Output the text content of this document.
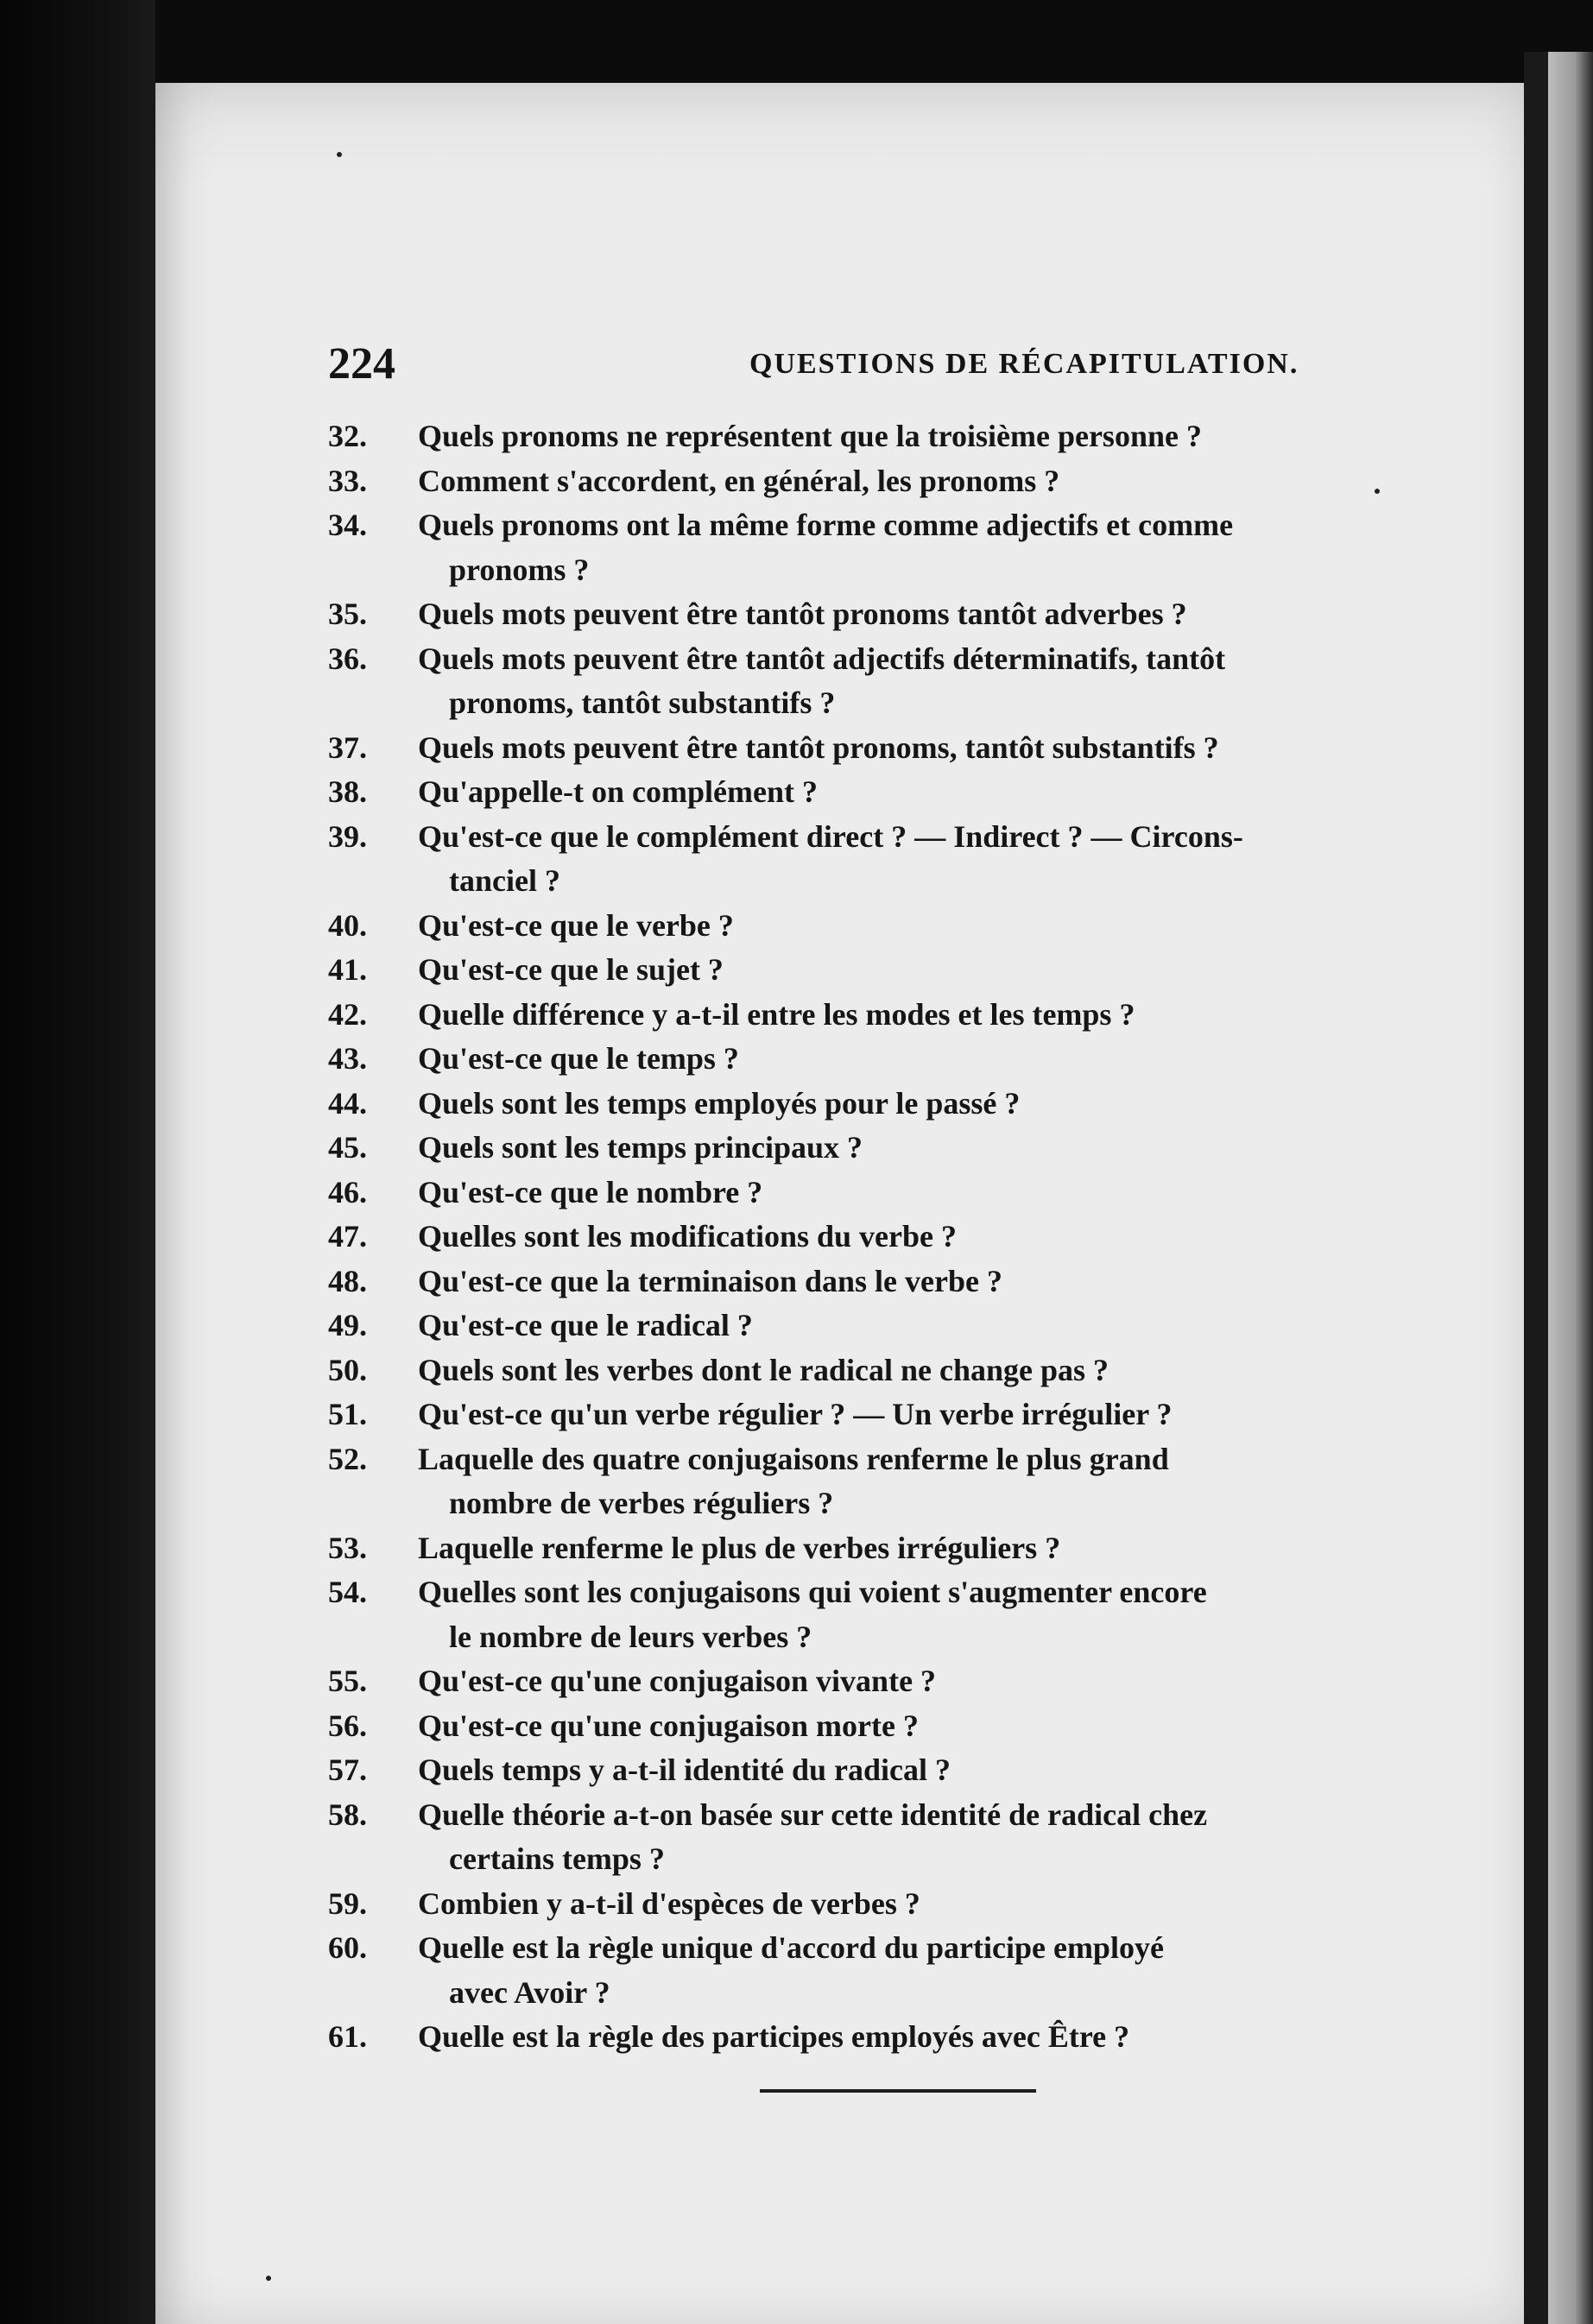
224	QUESTIONS DE RÉCAPITULATION.
32.	Quels pronoms ne représentent que la troisième personne ?
33.	Comment s'accordent, en général, les pronoms ?
34.	Quels pronoms ont la même forme comme adjectifs et comme
pronoms ?
35.	Quels mots peuvent être tantôt pronoms tantôt adverbes ?
36.	Quels mots peuvent être tantôt adjectifs déterminatifs, tantôt
pronoms, tantôt substantifs ?
37.	Quels mots peuvent être tantôt pronoms, tantôt substantifs ?
38.	Qu'appelle-t on complément ?
39.	Qu'est-ce que le complément direct ? — Indirect ? — Circons-
tanciel ?
40.	Qu'est-ce que le verbe ?
41.	Qu'est-ce que le sujet ?
42.	Quelle différence y a-t-il entre les modes et les temps ?
43.	Qu'est-ce que le temps ?
44.	Quels sont les temps employés pour le passé ?
45.	Quels sont les temps principaux ?
46.	Qu'est-ce que le nombre ?
47.	Quelles sont les modifications du verbe ?
48.	Qu'est-ce que la terminaison dans le verbe ?
49.	Qu'est-ce que le radical ?
50.	Quels sont les verbes dont le radical ne change pas ?
51.	Qu'est-ce qu'un verbe régulier ? — Un verbe irrégulier ?
52.	Laquelle des quatre conjugaisons renferme le plus grand
nombre de verbes réguliers ?
53.	Laquelle renferme le plus de verbes irréguliers ?
54.	Quelles sont les conjugaisons qui voient s'augmenter encore
le nombre de leurs verbes ?
55.	Qu'est-ce qu'une conjugaison vivante ?
56.	Qu'est-ce qu'une conjugaison morte ?
57.	Quels temps y a-t-il identité du radical ?
58.	Quelle théorie a-t-on basée sur cette identité de radical chez
certains temps ?
59.	Combien y a-t-il d'espèces de verbes ?
60.	Quelle est la règle unique d'accord du participe employé
avec Avoir ?
61.	Quelle est la règle des participes employés avec Être ?
